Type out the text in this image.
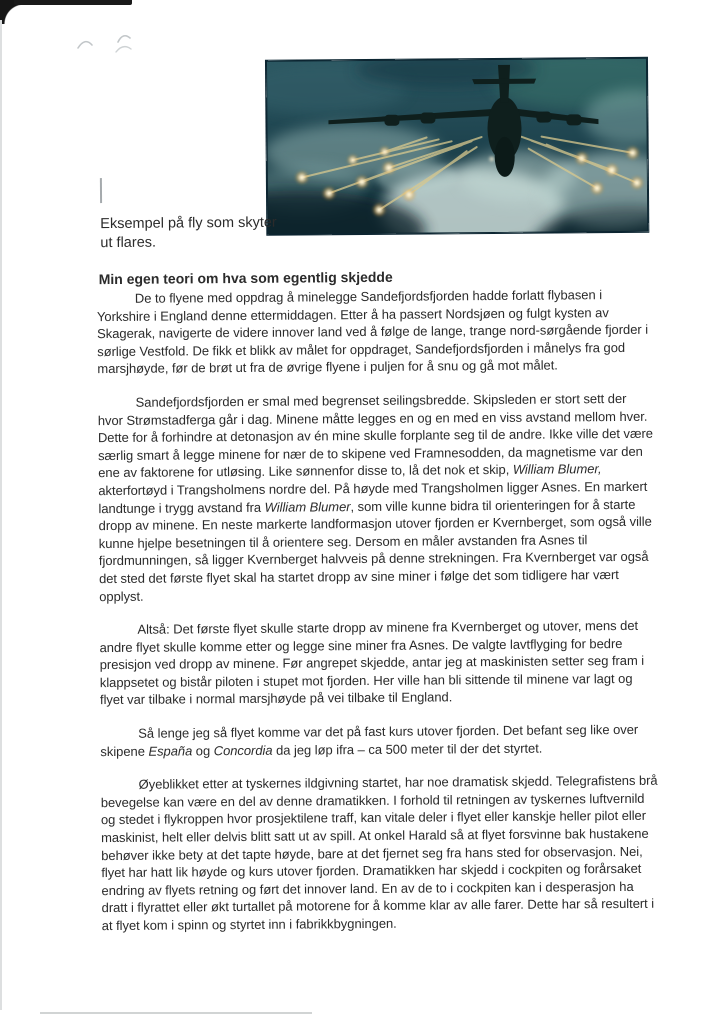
Eksempel på fly som skyter
ut flares.

Min egen teori om hva som egentlig skjedde

De to flyene med oppdrag å minelegge Sandefjordsfjorden hadde forlatt flybasen i Yorkshire i England denne ettermiddagen. Etter å ha passert Nordsjøen og fulgt kysten av Skagerak, navigerte de videre innover land ved å følge de lange, trange nord-sørgående fjorder i sørlige Vestfold. De fikk et blikk av målet for oppdraget, Sandefjordsfjorden i månelys fra god marsjhøyde, før de brøt ut fra de øvrige flyene i puljen for å snu og gå mot målet.

Sandefjordsfjorden er smal med begrenset seilingsbredde. Skipsleden er stort sett der hvor Strømstadferga går i dag. Minene måtte legges en og en med en viss avstand mellom hver. Dette for å forhindre at detonasjon av én mine skulle forplante seg til de andre. Ikke ville det være særlig smart å legge minene for nær de to skipene ved Framnesodden, da magnetisme var den ene av faktorene for utløsing. Like sønnenfor disse to, lå det nok et skip, William Blumer, akterfortøyd i Trangsholmens nordre del. På høyde med Trangsholmen ligger Asnes. En markert landtunge i trygg avstand fra William Blumer, som ville kunne bidra til orienteringen for å starte dropp av minene. En neste markerte landformasjon utover fjorden er Kvernberget, som også ville kunne hjelpe besetningen til å orientere seg. Dersom en måler avstanden fra Asnes til fjordmunningen, så ligger Kvernberget halvveis på denne strekningen. Fra Kvernberget var også det sted det første flyet skal ha startet dropp av sine miner i følge det som tidligere har vært opplyst.

Altså: Det første flyet skulle starte dropp av minene fra Kvernberget og utover, mens det andre flyet skulle komme etter og legge sine miner fra Asnes. De valgte lavtflyging for bedre presisjon ved dropp av minene. Før angrepet skjedde, antar jeg at maskinisten setter seg fram i klappsetet og bistår piloten i stupet mot fjorden. Her ville han bli sittende til minene var lagt og flyet var tilbake i normal marsjhøyde på vei tilbake til England.

Så lenge jeg så flyet komme var det på fast kurs utover fjorden. Det befant seg like over skipene España og Concordia da jeg løp ifra – ca 500 meter til der det styrtet.

Øyeblikket etter at tyskernes ildgivning startet, har noe dramatisk skjedd. Telegrafistens brå bevegelse kan være en del av denne dramatikken. I forhold til retningen av tyskernes luftvernild og stedet i flykroppen hvor prosjektilene traff, kan vitale deler i flyet eller kanskje heller pilot eller maskinist, helt eller delvis blitt satt ut av spill. At onkel Harald så at flyet forsvinne bak hustakene behøver ikke bety at det tapte høyde, bare at det fjernet seg fra hans sted for observasjon. Nei, flyet har hatt lik høyde og kurs utover fjorden. Dramatikken har skjedd i cockpiten og forårsaket endring av flyets retning og ført det innover land. En av de to i cockpiten kan i desperasjon ha dratt i flyrattet eller økt turtallet på motorene for å komme klar av alle farer. Dette har så resultert i at flyet kom i spinn og styrtet inn i fabrikkbygningen.
